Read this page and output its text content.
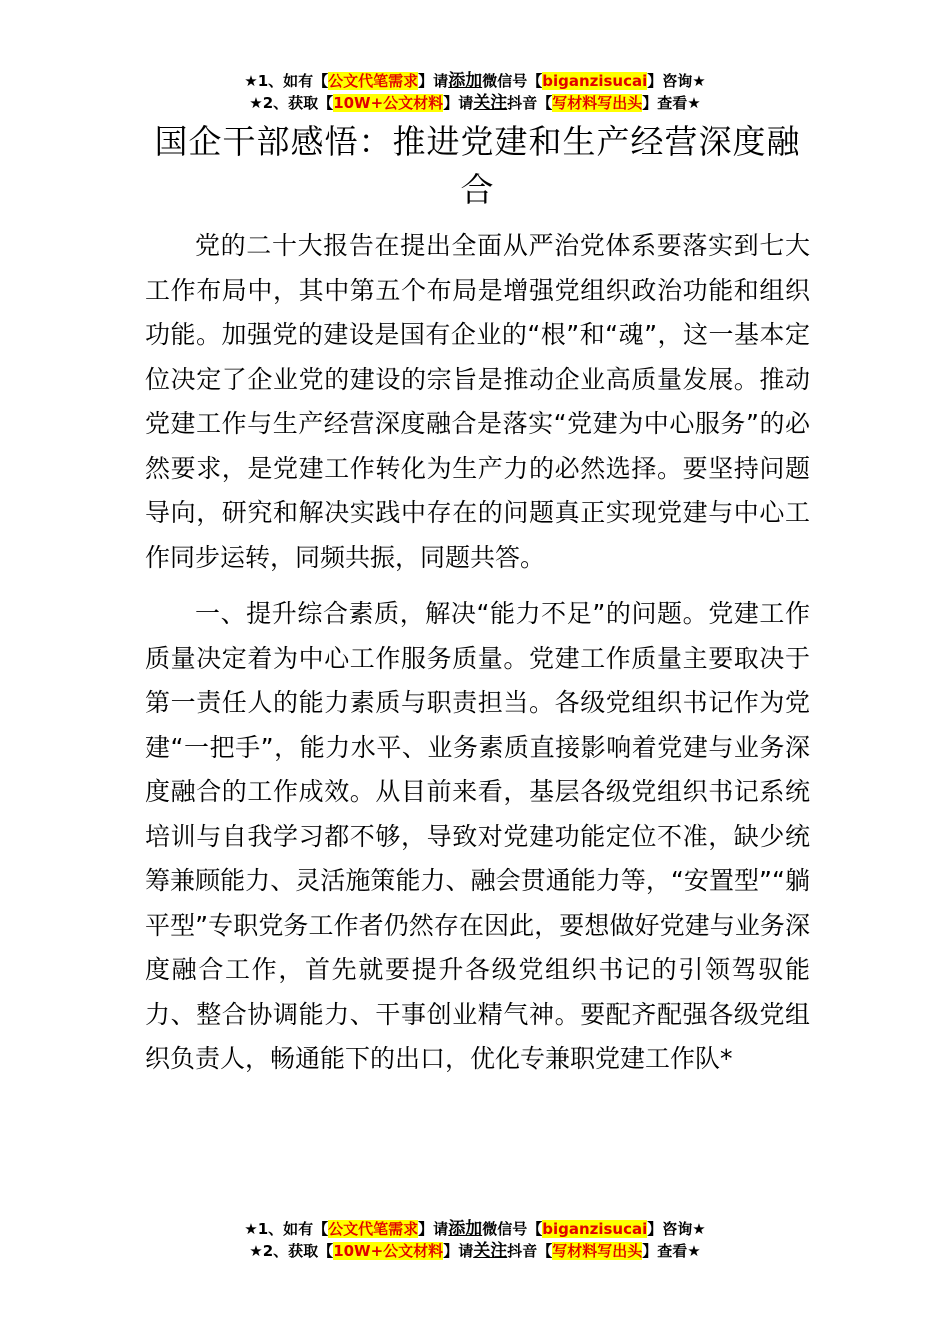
★1、如有【公文代笔需求】请添加微信号【biganzisucai】咨询★
★2、获取【10W+公文材料】请关注抖音【写材料写出头】查看★
国企干部感悟：推进党建和生产经营深度融合

党的二十大报告在提出全面从严治党体系要落实到七大工作布局中，其中第五个布局是增强党组织政治功能和组织功能。加强党的建设是国有企业的“根”和“魂”，这一基本定位决定了企业党的建设的宗旨是推动企业高质量发展。推动党建工作与生产经营深度融合是落实“党建为中心服务”的必然要求，是党建工作转化为生产力的必然选择。要坚持问题导向，研究和解决实践中存在的问题真正实现党建与中心工作同步运转，同频共振，同题共答。

一、提升综合素质，解决“能力不足”的问题。党建工作质量决定着为中心工作服务质量。党建工作质量主要取决于第一责任人的能力素质与职责担当。各级党组织书记作为党建“一把手”，能力水平、业务素质直接影响着党建与业务深度融合的工作成效。从目前来看，基层各级党组织书记系统培训与自我学习都不够，导致对党建功能定位不准，缺少统筹兼顾能力、灵活施策能力、融会贯通能力等，“安置型”“躺平型”专职党务工作者仍然存在因此，要想做好党建与业务深度融合工作，首先就要提升各级党组织书记的引领驾驭能力、整合协调能力、干事创业精气神。要配齐配强各级党组织负责人，畅通能下的出口，优化专兼职党建工作队*

★1、如有【公文代笔需求】请添加微信号【biganzisucai】咨询★
★2、获取【10W+公文材料】请关注抖音【写材料写出头】查看★
